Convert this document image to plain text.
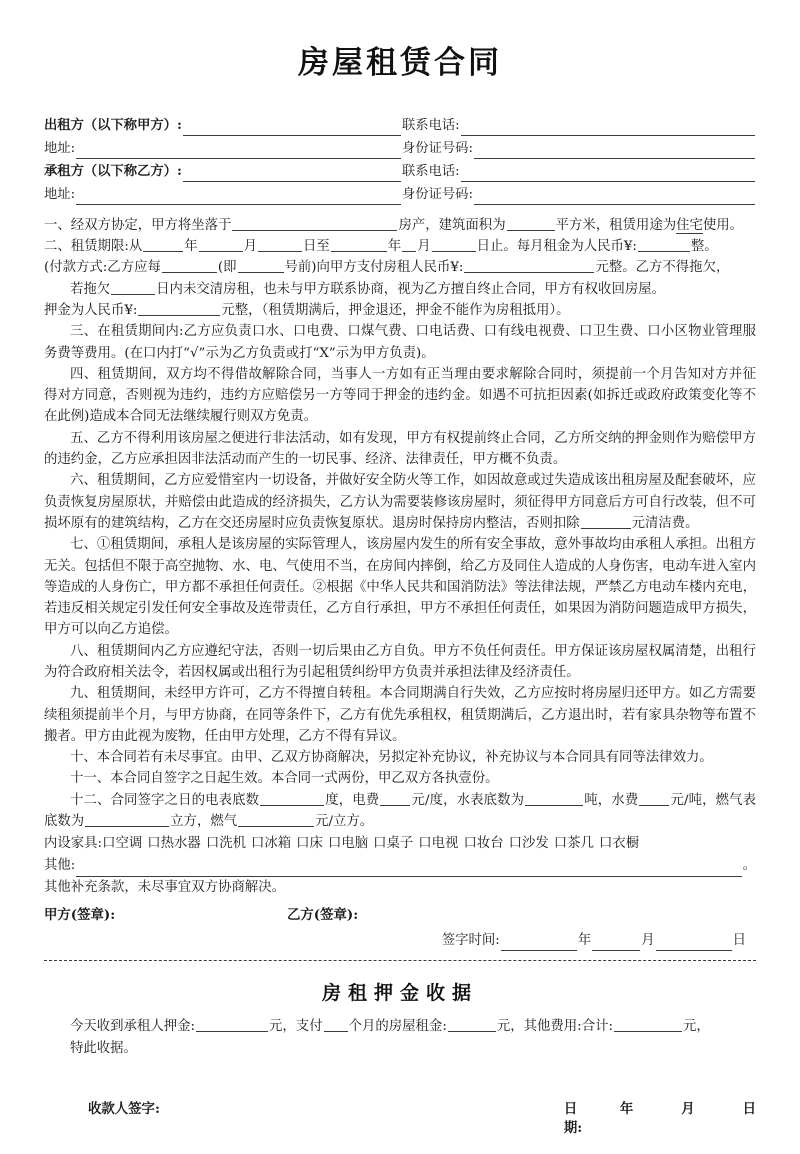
房屋租赁合同
出租方（以下称甲方）:	联系电话:
地址:	身份证号码:
承租方（以下称乙方）:	联系电话:
地址:	身份证号码:

一、经双方协定，甲方将坐落于	房产，建筑面积为	平方米，租赁用途为住宅使用。

二、租赁期限:从	年	月	日至	年 月	日止。每月租金为人民币¥:	整。

(付款方式:乙方应每	(即	号前)向甲方支付房租人民币¥:	元整。乙方不得拖欠，

若拖欠	日内未交清房租，也未与甲方联系协商，视为乙方擅自终止合同，甲方有权收回房屋。

押金为人民币¥:	元整，（租赁期满后，押金退还，押金不能作为房租抵用）。

三、在租赁期间内:乙方应负责口水、口电费、口煤气费、口电话费、口有线电视费、口卫生费、口小区物业管理服务费等费用。(在口内打“√”示为乙方负责或打“X”示为甲方负责)。

四、租赁期间，双方均不得借故解除合同，当事人一方如有正当理由要求解除合同时，须提前一个月告知对方并征 得对方同意，否则视为违约，违约方应赔偿另一方等同于押金的违约金。如遇不可抗拒因素(如拆迁或政府政策变化等不在此例)造成本合同无法继续履行则双方免责。

五、乙方不得利用该房屋之便进行非法活动，如有发现，甲方有权提前终止合同，乙方所交纳的押金则作为赔偿甲方的违约金，乙方应承担因非法活动而产生的一切民事、经济、法律责任，甲方概不负责。

六、租赁期间，乙方应爱惜室内一切设备，并做好安全防火等工作，如因故意或过失造成该出租房屋及配套破坏，应负责恢复房屋原状，并赔偿由此造成的经济损失，乙方认为需要装修该房屋时，须征得甲方同意后方可自行改装，但不可损坏原有的建筑结构，乙方在交还房屋时应负责恢复原状。退房时保持房内整洁，否则扣除	元清洁费。

七、①租赁期间，承租人是该房屋的实际管理人，该房屋内发生的所有安全事故，意外事故均由承租人承担。出租方无关。包括但不限于高空抛物、水、电、气使用不当，在房间内摔倒，给乙方及同住人造成的人身伤害，电动车进入室内等造成的人身伤亡，甲方都不承担任何责任。②根据《中华人民共和国消防法》等法律法规，严禁乙方电动车楼内充电，若违反相关规定引发任何安全事故及连带责任，乙方自行承担，甲方不承担任何责任，如果因为消防问题造成甲方损失，甲方可以向乙方追偿。

八、租赁期间内乙方应遵纪守法，否则一切后果由乙方自负。甲方不负任何责任。甲方保证该房屋权属清楚，出租行为符合政府相关法令，若因权属或出租行为引起租赁纠纷甲方负责并承担法律及经济责任。

九、租赁期间，未经甲方许可，乙方不得擅自转租。本合同期满自行失效，乙方应按时将房屋归还甲方。如乙方需要续租须提前半个月，与甲方协商，在同等条件下，乙方有优先承租权，租赁期满后，乙方退出时，若有家具杂物等布置不搬者。甲方由此视为废物，任由甲方处理，乙方不得有异议。

十、本合同若有未尽事宜。由甲、乙双方协商解决，另拟定补充协议，补充协议与本合同具有同等法律效力。

十一、本合同自签字之日起生效。本合同一式两份，甲乙双方各执壹份。

十二、合同签字之日的电表底数	度，电费 元/度，水表底数为	吨，水费 元/吨，燃气表底数为	立方，燃气	元/立方。

内设家具:口空调 口热水器 口洗机 口冰箱 口床 口电脑 口桌子 口电视 口妆台 口沙发 口茶几 口衣橱
其他:	。
其他补充条款，未尽事宜双方协商解决。
甲方(签章):	乙方(签章):
签字时间:	年	月	日
房租押金收据

今天收到承租人押金:	元，支付 个月的房屋租金:	元，其他费用:合计:	元，

特此收据。

收款人签字:	日期:
年	月	日
